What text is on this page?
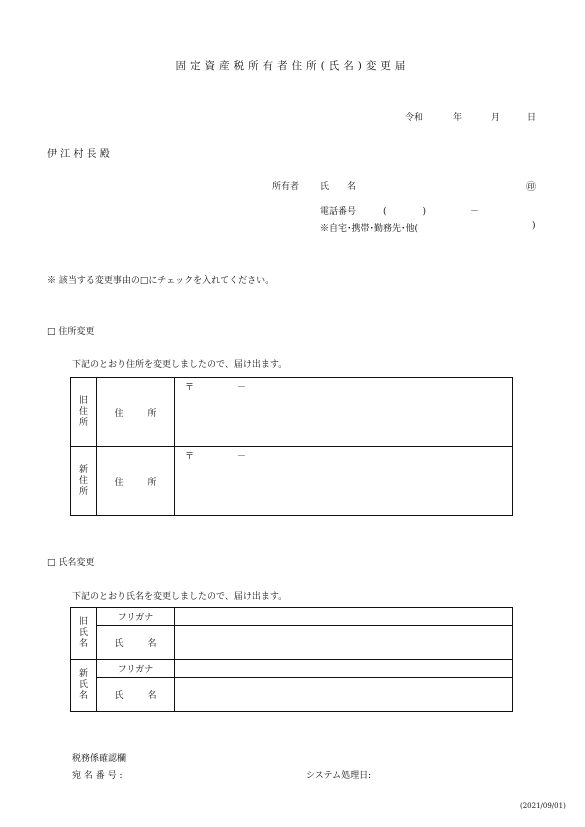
固定資産税所有者住所(氏名)変更届
令和	年	月	日
伊 江 村 長 殿
所有者 氏　　名	㊞
電話番号	(　　　　)	－
※自宅･携帯･勤務先･他(	)
※ 該当する変更事由の□にチェックを入れてください。
□ 住所変更
下記のとおり住所を変更しましたので、届け出ます。
旧
住
所	住 所	〒 －

新
住
所	住 所	〒 －
□ 氏名変更
下記のとおり氏名を変更しましたので、届け出ます。
旧
氏
名	フリガナ	

	氏 名	

新
氏
名	フリガナ	

	氏 名	

税務係確認欄
宛 名 番 号 :	システム処理日:
(2021/09/01)
